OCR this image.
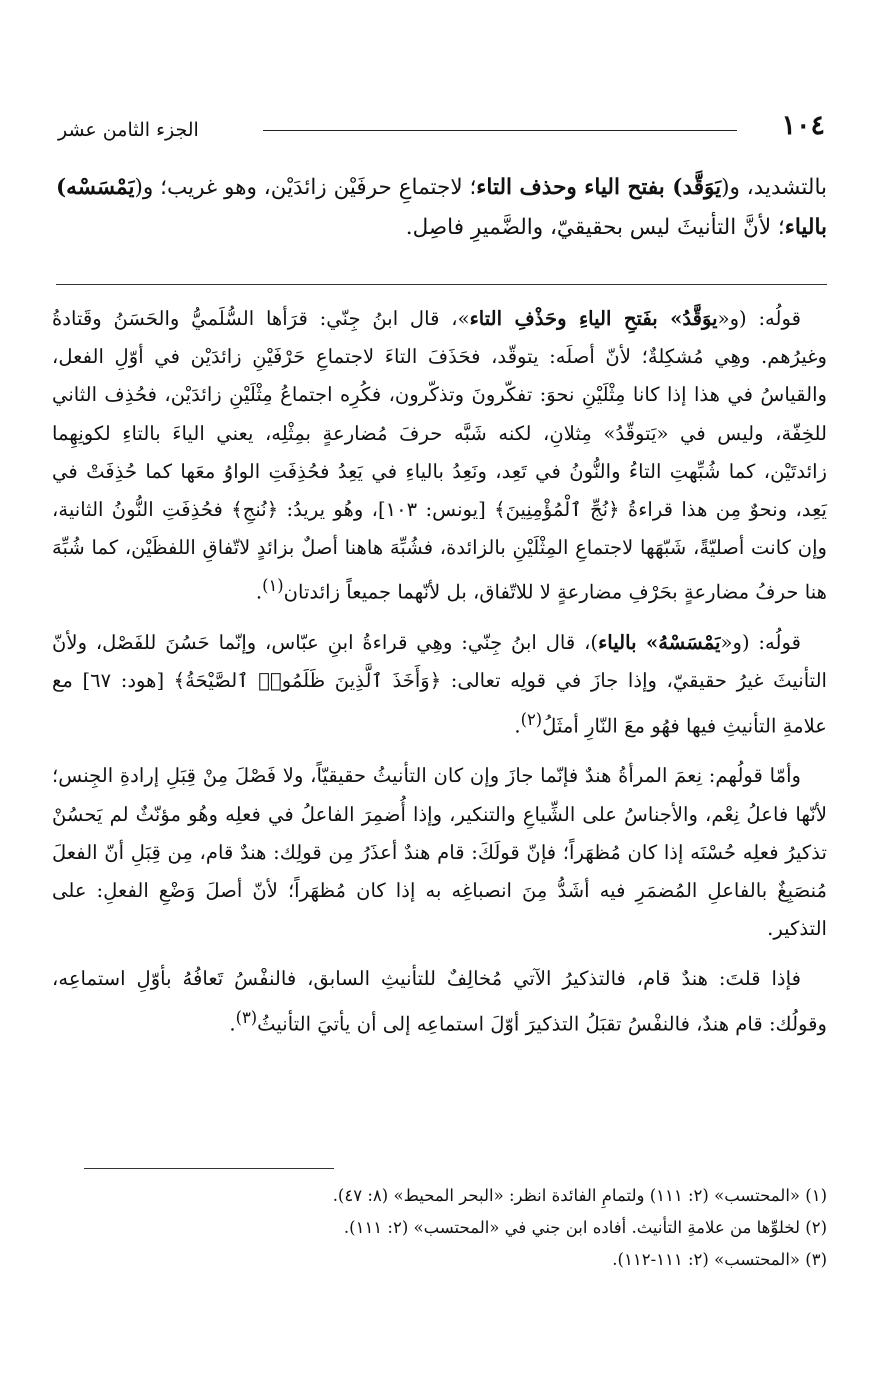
١٠٤
الجزء الثامن عشر

بالتشديد، و(يَوَقَّد) بفتح الياء وحذف التاء؛ لاجتماعِ حرفَيْن زائدَيْن، وهو غريب؛ و(يَمْسَسْه) بالياء؛ لأنَّ التأنيثَ ليس بحقيقيّ، والضَّميرِ فاصِل.

قولُه: (و«يوَقَّدُ» بفَتحِ الياءِ وحَذْفِ التاء»، قال ابنُ جِنّي: قرَأها السُّلَميُّ والحَسَنُ وقَتادةُ وغيرُهم. وهِي مُشكِلةٌ؛ لأنّ أصلَه: يتوقّد، فحَذَفَ التاءَ لاجتماعِ حَرْفَيْنِ زائدَيْن في أوّلِ الفعل، والقياسُ في هذا إذا كانا مِثْلَيْنِ نحوَ: تفكّرونَ وتذكّرون، فكُرِه اجتماعُ مِثْلَيْنِ زائدَيْن، فحُذِف الثاني للخِفّة، وليس في «يَتوقّدُ» مِثلانِ، لكنه شَبَّه حرفَ مُضارعةٍ بمِثْلِه، يعني الياءَ بالتاءِ لكونِهِما زائدتَيْن، كما شُبِّهتِ التاءُ والنُّونُ في تَعِد، ونَعِدُ بالياءِ في يَعِدُ فحُذِفَتِ الواوُ معَها كما حُذِفَتْ في يَعِد، ونحوٌ مِن هذا قراءةُ ﴿نُجِّ ٱلْمُؤْمِنِينَ﴾ [يونس: ١٠٣]، وهُو يريدُ: ﴿نُنجِ﴾ فحُذِفَتِ النُّونُ الثانية، وإن كانت أصليّةً، شَبّهَها لاجتماعِ المِثْلَيْنِ بالزائدة، فشُبِّهَ هاهنا أصلٌ بزائدٍ لاتّفاقِ اللفظَيْن، كما شُبِّهَ هنا حرفُ مضارعةٍ بحَرْفِ مضارعةٍ لا للاتّفاق، بل لأنّهما جميعاً زائدتان$^{(١)}$.

قولُه: (و«يَمْسَسْهُ» بالياء)، قال ابنُ جِنّي: وهِي قراءةُ ابنِ عبّاس، وإنّما حَسُنَ للفَصْل، ولأنّ التأنيثَ غيرُ حقيقيّ، وإذا جازَ في قولِه تعالى: ﴿وَأَخَذَ ٱلَّذِينَ ظَلَمُوا۟ ٱلصَّيْحَةُ﴾ [هود: ٦٧] مع علامةِ التأنيثِ فيها فهُو معَ النّارِ أمثَلُ$^{(٢)}$.

وأمّا قولُهم: نِعمَ المرأةُ هندٌ فإنّما جازَ وإن كان التأنيثُ حقيقيّاً، ولا فَصْلَ مِنْ قِبَلِ إرادةِ الجِنس؛ لأنّها فاعلُ نِعْم، والأجناسُ على الشِّياعِ والتنكير، وإذا أُضمِرَ الفاعلُ في فعلِه وهُو مؤنّثٌ لم يَحسُنْ تذكيرُ فعلِه حُسْنَه إذا كان مُظهَراً؛ فإنّ قولَكَ: قام هندٌ أعذَرُ مِن قولِك: هندٌ قام، مِن قِبَلِ أنّ الفعلَ مُنصَبِغٌ بالفاعلِ المُضمَرِ فيه أشَدُّ مِنَ انصباغِه به إذا كان مُظهَراً؛ لأنّ أصلَ وَضْعِ الفعلِ: على التذكير.

فإذا قلتَ: هندٌ قام، فالتذكيرُ الآتي مُخالِفٌ للتأنيثِ السابق، فالنفْسُ تَعافُهُ بأوّلِ استماعِه، وقولُك: قام هندٌ، فالنفْسُ تقبَلُ التذكيرَ أوّلَ استماعِه إلى أن يأتيَ التأنيثُ$^{(٣)}$.

(١) «المحتسب» (٢: ١١١) ولتمامِ الفائدة انظر: «البحر المحيط» (٨: ٤٧).

(٢) لخلوِّها من علامةِ التأنيث. أفاده ابن جني في «المحتسب» (٢: ١١١).

(٣) «المحتسب» (٢: ١١١-١١٢).
